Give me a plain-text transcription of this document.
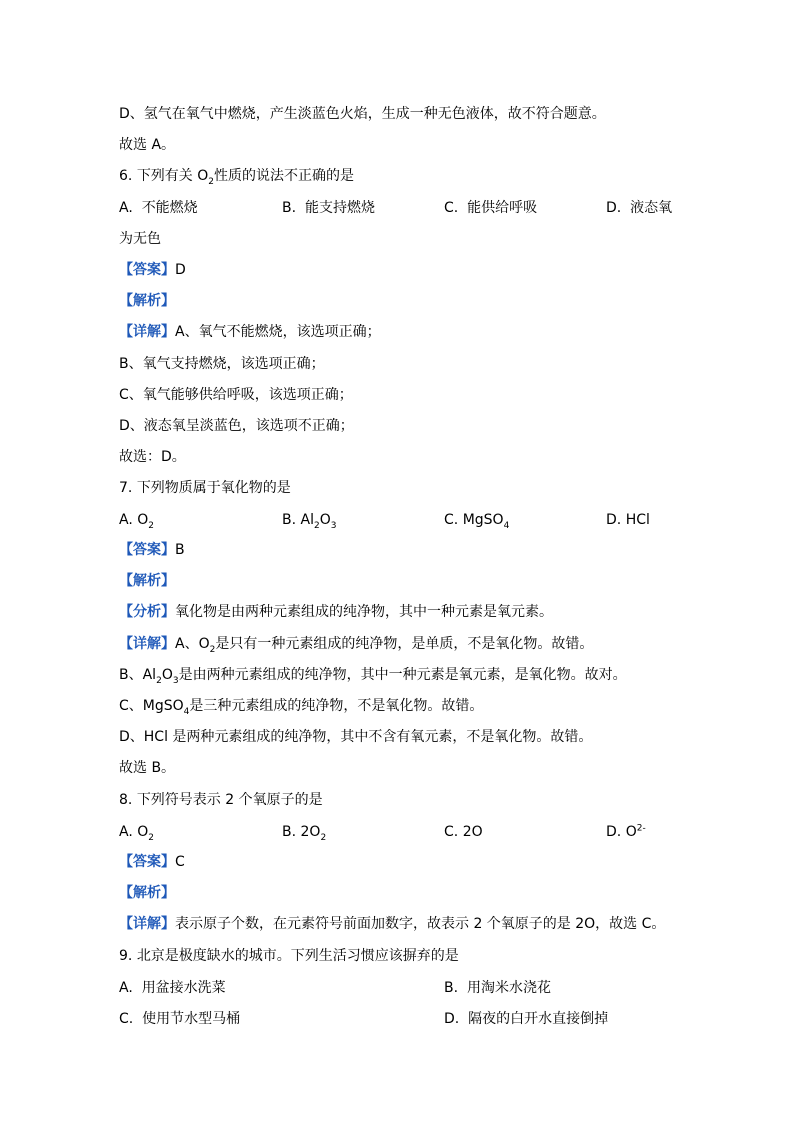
D、氢气在氧气中燃烧，产生淡蓝色火焰，生成一种无色液体，故不符合题意。
故选 A。
6. 下列有关 $O_2$性质的说法不正确的是
A. 不能燃烧	B. 能支持燃烧	C. 能供给呼吸	D. 液态氧
为无色
【答案】D
【解析】
【详解】A、氧气不能燃烧，该选项正确；
B、氧气支持燃烧，该选项正确；
C、氧气能够供给呼吸，该选项正确；
D、液态氧呈淡蓝色，该选项不正确；
故选：D。
7. 下列物质属于氧化物的是
A. $O_2$	B. $Al_2O_3$	C. MgSO$_4$	D. HCl
【答案】B
【解析】
【分析】氧化物是由两种元素组成的纯净物，其中一种元素是氧元素。
【详解】A、$O_2$是只有一种元素组成的纯净物，是单质，不是氧化物。故错。
B、$Al_2O_3$是由两种元素组成的纯净物，其中一种元素是氧元素，是氧化物。故对。
C、MgSO$_4$是三种元素组成的纯净物，不是氧化物。故错。
D、HCl 是两种元素组成的纯净物，其中不含有氧元素，不是氧化物。故错。
故选 B。
8. 下列符号表示 2 个氧原子的是
A. $O_2$	B. $2O_2$	C. 2O	D. $O^{2-}$
【答案】C
【解析】
【详解】表示原子个数，在元素符号前面加数字，故表示 2 个氧原子的是 2O，故选 C。
9. 北京是极度缺水的城市。下列生活习惯应该摒弃的是
A. 用盆接水洗菜	B. 用淘米水浇花
C. 使用节水型马桶	D. 隔夜的白开水直接倒掉
